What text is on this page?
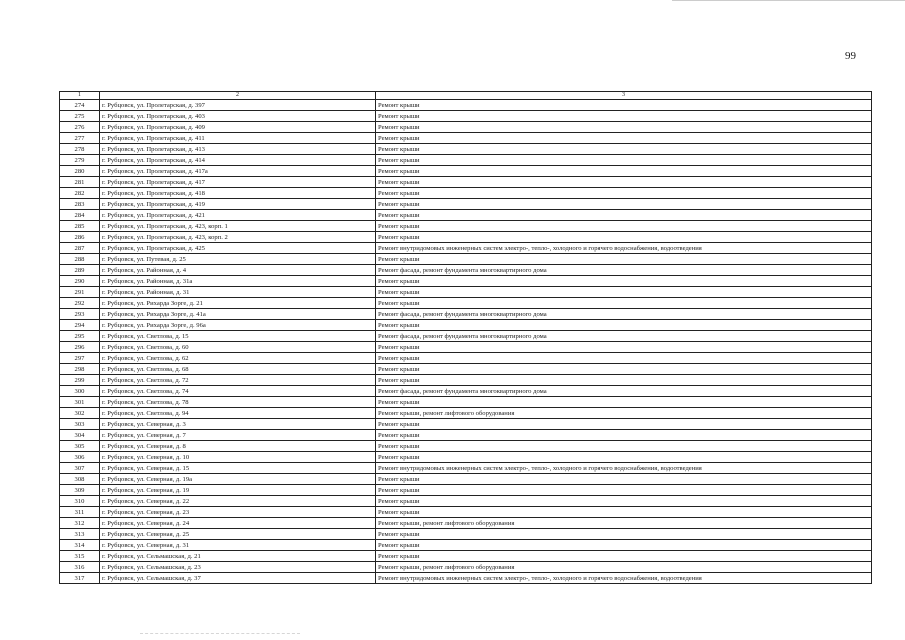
99
1	2	3
274	г. Рубцовск, ул. Пролетарская, д. 397	Ремонт крыши
275	г. Рубцовск, ул. Пролетарская, д. 403	Ремонт крыши
276	г. Рубцовск, ул. Пролетарская, д. 409	Ремонт крыши
277	г. Рубцовск, ул. Пролетарская, д. 411	Ремонт крыши
278	г. Рубцовск, ул. Пролетарская, д. 413	Ремонт крыши
279	г. Рубцовск, ул. Пролетарская, д. 414	Ремонт крыши
280	г. Рубцовск, ул. Пролетарская, д. 417а	Ремонт крыши
281	г. Рубцовск, ул. Пролетарская, д. 417	Ремонт крыши
282	г. Рубцовск, ул. Пролетарская, д. 418	Ремонт крыши
283	г. Рубцовск, ул. Пролетарская, д. 419	Ремонт крыши
284	г. Рубцовск, ул. Пролетарская, д. 421	Ремонт крыши
285	г. Рубцовск, ул. Пролетарская, д. 423, корп. 1	Ремонт крыши
286	г. Рубцовск, ул. Пролетарская, д. 423, корп. 2	Ремонт крыши
287	г. Рубцовск, ул. Пролетарская, д. 425	Ремонт внутридомовых инженерных систем электро-, тепло-, холодного и горячего водоснабжения, водоотведения
288	г. Рубцовск, ул. Путевая, д. 25	Ремонт крыши
289	г. Рубцовск, ул. Районная, д. 4	Ремонт фасада, ремонт фундамента многоквартирного дома
290	г. Рубцовск, ул. Районная, д. 31а	Ремонт крыши
291	г. Рубцовск, ул. Районная, д. 31	Ремонт крыши
292	г. Рубцовск, ул. Рихарда Зорге, д. 21	Ремонт крыши
293	г. Рубцовск, ул. Рихарда Зорге, д. 41а	Ремонт фасада, ремонт фундамента многоквартирного дома
294	г. Рубцовск, ул. Рихарда Зорге, д. 96а	Ремонт крыши
295	г. Рубцовск, ул. Светлова, д. 15	Ремонт фасада, ремонт фундамента многоквартирного дома
296	г. Рубцовск, ул. Светлова, д. 60	Ремонт крыши
297	г. Рубцовск, ул. Светлова, д. 62	Ремонт крыши
298	г. Рубцовск, ул. Светлова, д. 68	Ремонт крыши
299	г. Рубцовск, ул. Светлова, д. 72	Ремонт крыши
300	г. Рубцовск, ул. Светлова, д. 74	Ремонт фасада, ремонт фундамента многоквартирного дома
301	г. Рубцовск, ул. Светлова, д. 78	Ремонт крыши
302	г. Рубцовск, ул. Светлова, д. 94	Ремонт крыши, ремонт лифтового оборудования
303	г. Рубцовск, ул. Северная, д. 3	Ремонт крыши
304	г. Рубцовск, ул. Северная, д. 7	Ремонт крыши
305	г. Рубцовск, ул. Северная, д. 8	Ремонт крыши
306	г. Рубцовск, ул. Северная, д. 10	Ремонт крыши
307	г. Рубцовск, ул. Северная, д. 15	Ремонт внутридомовых инженерных систем электро-, тепло-, холодного и горячего водоснабжения, водоотведения
308	г. Рубцовск, ул. Северная, д. 19а	Ремонт крыши
309	г. Рубцовск, ул. Северная, д. 19	Ремонт крыши
310	г. Рубцовск, ул. Северная, д. 22	Ремонт крыши
311	г. Рубцовск, ул. Северная, д. 23	Ремонт крыши
312	г. Рубцовск, ул. Северная, д. 24	Ремонт крыши, ремонт лифтового оборудования
313	г. Рубцовск, ул. Северная, д. 25	Ремонт крыши
314	г. Рубцовск, ул. Северная, д. 31	Ремонт крыши
315	г. Рубцовск, ул. Сельмашская, д. 21	Ремонт крыши
316	г. Рубцовск, ул. Сельмашская, д. 23	Ремонт крыши, ремонт лифтового оборудования
317	г. Рубцовск, ул. Сельмашская, д. 37	Ремонт внутридомовых инженерных систем электро-, тепло-, холодного и горячего водоснабжения, водоотведения
